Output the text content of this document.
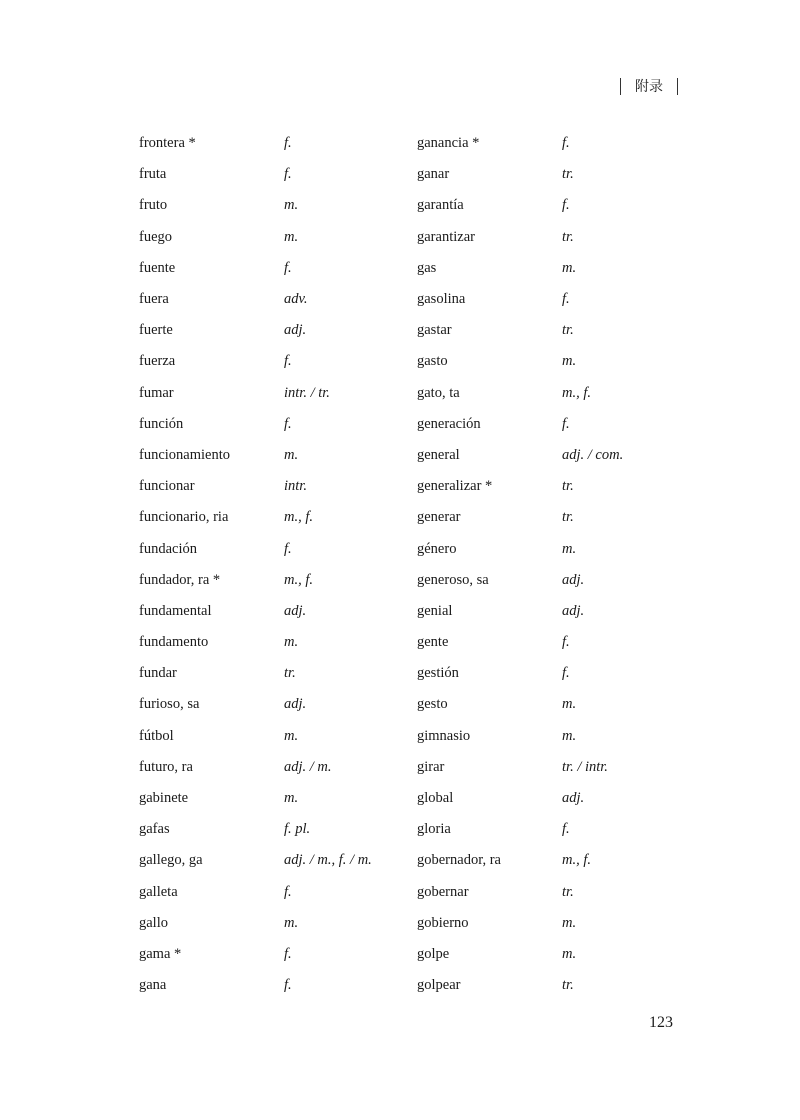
附录
frontera *	f.
fruta	f.
fruto	m.
fuego	m.
fuente	f.
fuera	adv.
fuerte	adj.
fuerza	f.
fumar	intr. / tr.
función	f.
funcionamiento	m.
funcionar	intr.
funcionario, ria	m., f.
fundación	f.
fundador, ra *	m., f.
fundamental	adj.
fundamento	m.
fundar	tr.
furioso, sa	adj.
fútbol	m.
futuro, ra	adj. / m.
gabinete	m.
gafas	f. pl.
gallego, ga	adj. / m., f. / m.
galleta	f.
gallo	m.
gama *	f.
gana	f.
ganancia *	f.
ganar	tr.
garantía	f.
garantizar	tr.
gas	m.
gasolina	f.
gastar	tr.
gasto	m.
gato, ta	m., f.
generación	f.
general	adj. / com.
generalizar *	tr.
generar	tr.
género	m.
generoso, sa	adj.
genial	adj.
gente	f.
gestión	f.
gesto	m.
gimnasio	m.
girar	tr. / intr.
global	adj.
gloria	f.
gobernador, ra	m., f.
gobernar	tr.
gobierno	m.
golpe	m.
golpear	tr.
123
